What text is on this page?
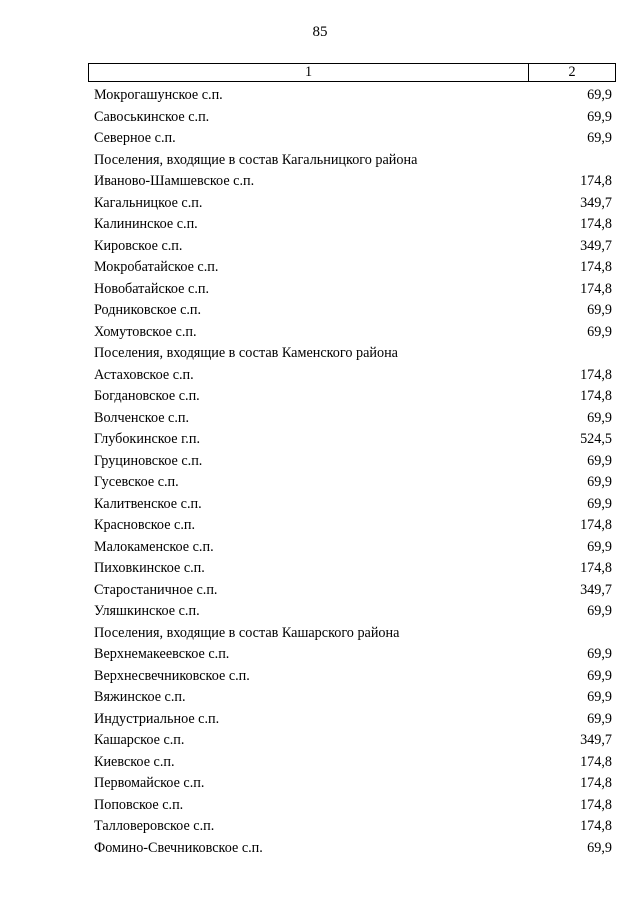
85
1	2
Мокрогашунское с.п.	69,9
Савоськинское с.п.	69,9
Северное с.п.	69,9
Поселения, входящие в состав Кагальницкого района
Иваново-Шамшевское с.п.	174,8
Кагальницкое с.п.	349,7
Калининское с.п.	174,8
Кировское с.п.	349,7
Мокробатайское с.п.	174,8
Новобатайское с.п.	174,8
Родниковское с.п.	69,9
Хомутовское с.п.	69,9
Поселения, входящие в состав Каменского района
Астаховское с.п.	174,8
Богдановское с.п.	174,8
Волченское с.п.	69,9
Глубокинское г.п.	524,5
Груциновское с.п.	69,9
Гусевское с.п.	69,9
Калитвенское с.п.	69,9
Красновское с.п.	174,8
Малокаменское с.п.	69,9
Пиховкинское с.п.	174,8
Старостаничное с.п.	349,7
Уляшкинское с.п.	69,9
Поселения, входящие в состав Кашарского района
Верхнемакеевское с.п.	69,9
Верхнесвечниковское с.п.	69,9
Вяжинское с.п.	69,9
Индустриальное с.п.	69,9
Кашарское с.п.	349,7
Киевское с.п.	174,8
Первомайское с.п.	174,8
Поповское с.п.	174,8
Талловеровское с.п.	174,8
Фомино-Свечниковское с.п.	69,9
